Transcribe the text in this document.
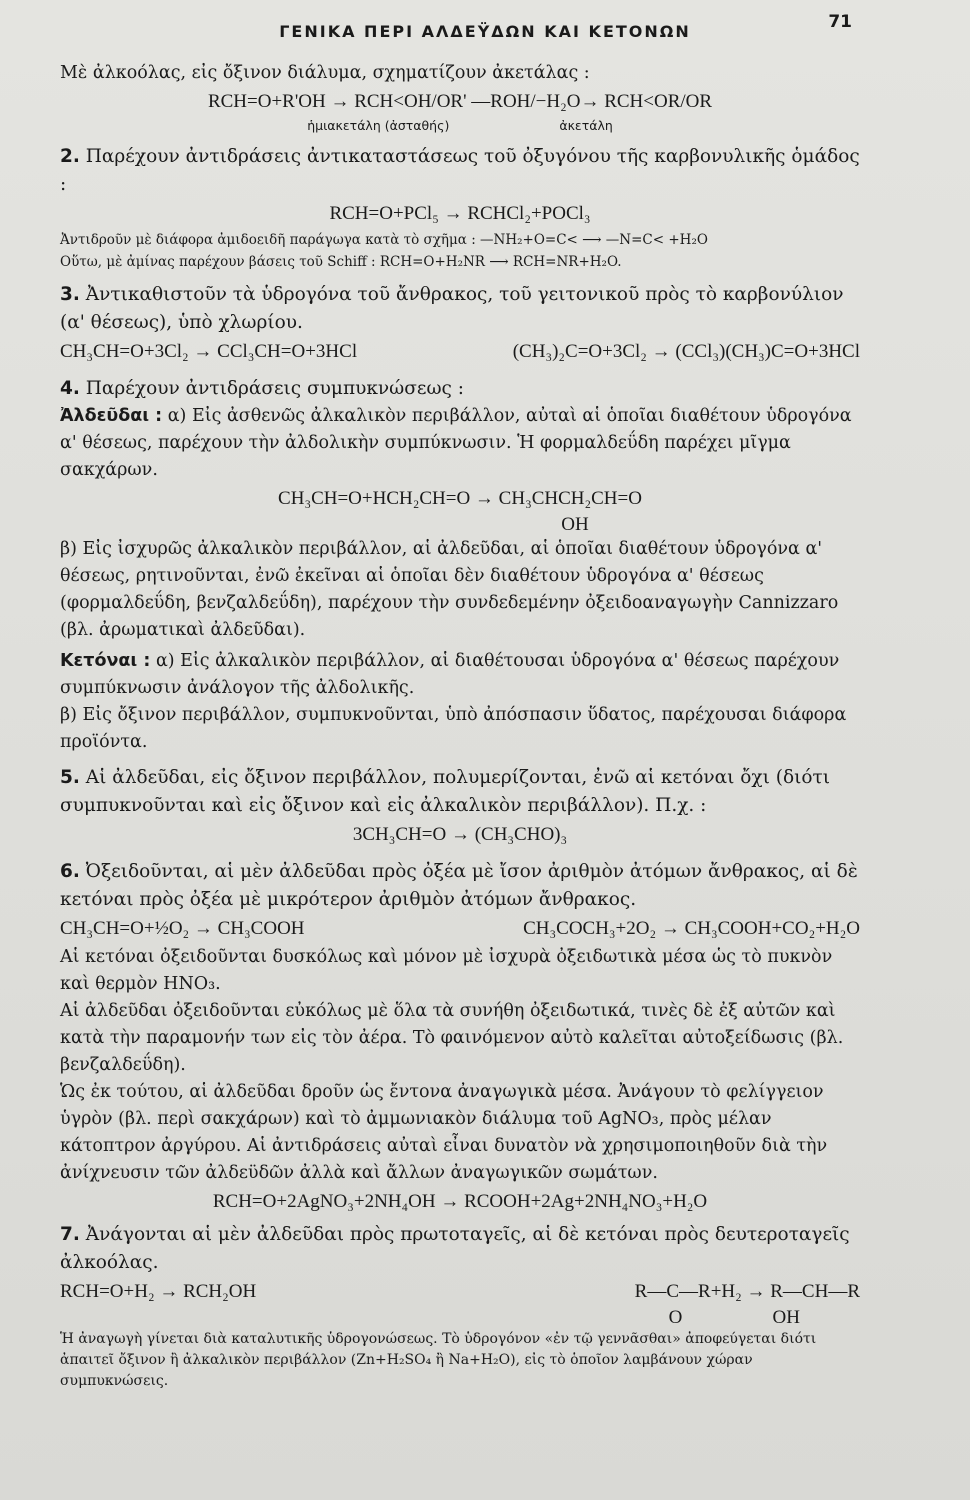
ΓΕΝΙΚΑ ΠΕΡΙ ΑΛΔΕΫΔΩΝ ΚΑΙ ΚΕΤΟΝΩΝ	71

Μὲ ἀλκοόλας, εἰς ὄξινον διάλυμα, σχηματίζουν ἀκετάλας :

RCH=O+R'OH → RCH<OH/OR' —ROH/−H₂O→ RCH<OR/OR
ἡμιακετάλη (ἀσταθής)	ἀκετάλη

2. Παρέχουν ἀντιδράσεις ἀντικαταστάσεως τοῦ ὀξυγόνου τῆς καρβονυλικῆς ὁμάδος :

RCH=O+PCl₅ → RCHCl₂+POCl₃

Ἀντιδροῦν μὲ διάφορα ἀμιδοειδῆ παράγωγα κατὰ τὸ σχῆμα : —NH₂+O=C< ⟶ —N=C< +H₂O

Οὕτω, μὲ ἀμίνας παρέχουν βάσεις τοῦ Schiff : RCH=O+H₂NR ⟶ RCH=NR+H₂O.

3. Ἀντικαθιστοῦν τὰ ὑδρογόνα τοῦ ἄνθρακος, τοῦ γειτονικοῦ πρὸς τὸ καρβονύλιον (α' θέσεως), ὑπὸ χλωρίου.

CH₃CH=O+3Cl₂ → CCl₃CH=O+3HCl	(CH₃)₂C=O+3Cl₂ → (CCl₃)(CH₃)C=O+3HCl

4. Παρέχουν ἀντιδράσεις συμπυκνώσεως :

Ἀλδεῦδαι : α) Εἰς ἀσθενῶς ἀλκαλικὸν περιβάλλον, αὐταὶ αἱ ὁποῖαι διαθέτουν ὑδρογόνα α' θέσεως, παρέχουν τὴν ἀλδολικὴν συμπύκνωσιν. Ἡ φορμαλδεΰδη παρέχει μῖγμα σακχάρων.

CH₃CH=O+HCH₂CH=O → CH₃CHCH₂CH=O
OH

β) Εἰς ἰσχυρῶς ἀλκαλικὸν περιβάλλον, αἱ ἀλδεῦδαι, αἱ ὁποῖαι διαθέτουν ὑδρογόνα α' θέσεως, ρητινοῦνται, ἐνῶ ἐκεῖναι αἱ ὁποῖαι δὲν διαθέτουν ὑδρογόνα α' θέσεως (φορμαλδεΰδη, βενζαλδεΰδη), παρέχουν τὴν συνδεδεμένην ὀξειδοαναγωγὴν Cannizzaro (βλ. ἀρωματικαὶ ἀλδεῦδαι).

Κετόναι : α) Εἰς ἀλκαλικὸν περιβάλλον, αἱ διαθέτουσαι ὑδρογόνα α' θέσεως παρέχουν συμπύκνωσιν ἀνάλογον τῆς ἀλδολικῆς.

β) Εἰς ὄξινον περιβάλλον, συμπυκνοῦνται, ὑπὸ ἀπόσπασιν ὕδατος, παρέχουσαι διάφορα προϊόντα.

5. Αἱ ἀλδεῦδαι, εἰς ὄξινον περιβάλλον, πολυμερίζονται, ἐνῶ αἱ κετόναι ὄχι (διότι συμπυκνοῦνται καὶ εἰς ὄξινον καὶ εἰς ἀλκαλικὸν περιβάλλον). Π.χ. :

3CH₃CH=O → (CH₃CHO)₃

6. Ὀξειδοῦνται, αἱ μὲν ἀλδεῦδαι πρὸς ὀξέα μὲ ἴσον ἀριθμὸν ἀτόμων ἄνθρακος, αἱ δὲ κετόναι πρὸς ὀξέα μὲ μικρότερον ἀριθμὸν ἀτόμων ἄνθρακος.

CH₃CH=O+½O₂ → CH₃COOH	CH₃COCH₃+2O₂ → CH₃COOH+CO₂+H₂O

Αἱ κετόναι ὀξειδοῦνται δυσκόλως καὶ μόνον μὲ ἰσχυρὰ ὀξειδωτικὰ μέσα ὡς τὸ πυκνὸν καὶ θερμὸν HNO₃.

Αἱ ἀλδεῦδαι ὀξειδοῦνται εὐκόλως μὲ ὅλα τὰ συνήθη ὀξειδωτικά, τινὲς δὲ ἐξ αὐτῶν καὶ κατὰ τὴν παραμονήν των εἰς τὸν ἀέρα. Τὸ φαινόμενον αὐτὸ καλεῖται αὐτοξείδωσις (βλ. βενζαλδεΰδη).

Ὡς ἐκ τούτου, αἱ ἀλδεῦδαι δροῦν ὡς ἔντονα ἀναγωγικὰ μέσα. Ἀνάγουν τὸ φελίγγειον ὑγρὸν (βλ. περὶ σακχάρων) καὶ τὸ ἀμμωνιακὸν διάλυμα τοῦ AgNO₃, πρὸς μέλαν κάτοπτρον ἀργύρου. Αἱ ἀντιδράσεις αὐταὶ εἶναι δυνατὸν νὰ χρησιμοποιηθοῦν διὰ τὴν ἀνίχνευσιν τῶν ἀλδεϋδῶν ἀλλὰ καὶ ἄλλων ἀναγωγικῶν σωμάτων.

RCH=O+2AgNO₃+2NH₄OH → RCOOH+2Ag+2NH₄NO₃+H₂O

7. Ἀνάγονται αἱ μὲν ἀλδεῦδαι πρὸς πρωτοταγεῖς, αἱ δὲ κετόναι πρὸς δευτεροταγεῖς ἀλκοόλας.

RCH=O+H₂ → RCH₂OH	R—C—R+H₂ → R—CH—R
O                   OH

Ἡ ἀναγωγὴ γίνεται διὰ καταλυτικῆς ὑδρογονώσεως. Τὸ ὑδρογόνον «ἐν τῷ γεννᾶσθαι» ἀποφεύγεται διότι ἀπαιτεῖ ὄξινον ἢ ἀλκαλικὸν περιβάλλον (Zn+H₂SO₄ ἢ Na+H₂O), εἰς τὸ ὁποῖον λαμβάνουν χώραν συμπυκνώσεις.
